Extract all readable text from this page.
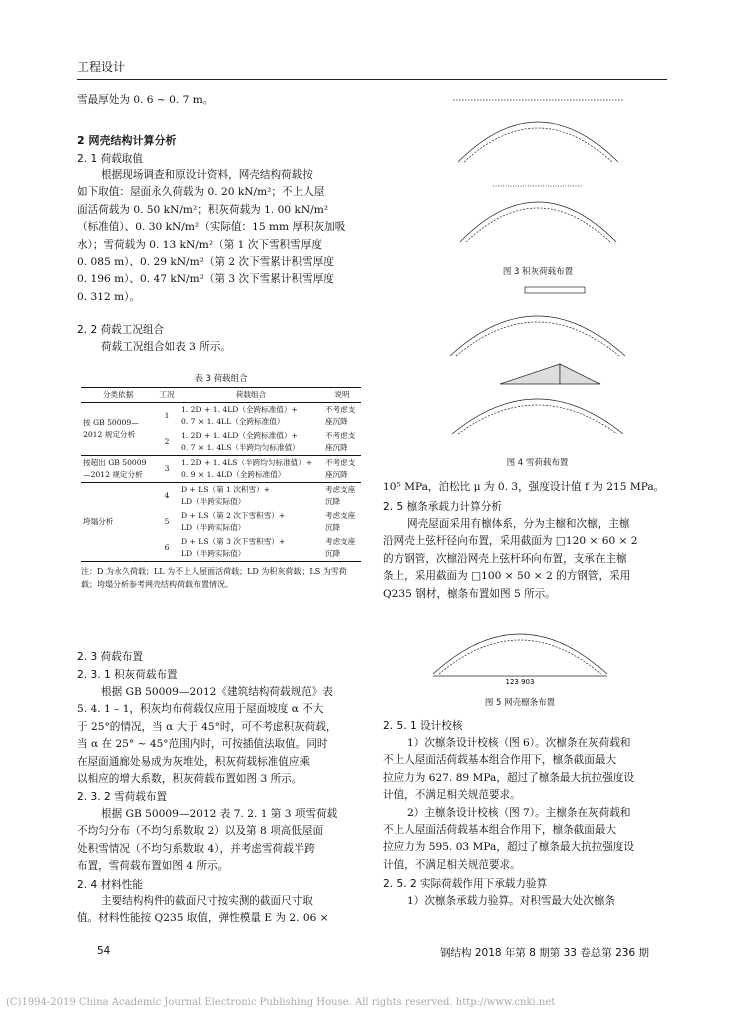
工程设计
雪最厚处为 0. 6 ~ 0. 7 m。
2 网壳结构计算分析
2. 1 荷载取值
根据现场调查和原设计资料，网壳结构荷载按
如下取值：屋面永久荷载为 0. 20 kN/m²；不上人屋
面活荷载为 0. 50 kN/m²；积灰荷载为 1. 00 kN/m²
（标准值）、0. 30 kN/m²（实际值：15 mm 厚积灰加吸
水）；雪荷载为 0. 13 kN/m²（第 1 次下雪积雪厚度
0. 085 m）、0. 29 kN/m²（第 2 次下雪累计积雪厚度
0. 196 m）、0. 47 kN/m²（第 3 次下雪累计积雪厚度
0. 312 m）。
2. 2 荷载工况组合
荷载工况组合如表 3 所示。
表 3 荷载组合
分类依据	工况	荷载组合	说明
按 GB 50009—2012 规定分析	1	1. 2D + 1. 4LD（全跨标准值）+
0. 7 × 1. 4LL（全跨标准值）	不考虑支座沉降
	2	1. 2D + 1. 4LD（全跨标准值）+
0. 7 × 1. 4LS（半跨均匀标准值）	不考虑支座沉降
按超出 GB 50009—2012 规定分析	3	1. 2D + 1. 4LS（半跨均匀标准值）+
0. 9 × 1. 4LD（全跨标准值）	不考虑支座沉降
垮塌分析	4	D + LS（第 1 次积雪）+
LD（半跨实际值）	考虑支座沉降
	5	D + LS（第 2 次下雪积雪）+
LD（半跨实际值）	考虑支座沉降
	6	D + LS（第 3 次下雪积雪）+
LD（半跨实际值）	考虑支座沉降
注：D 为永久荷载；LL 为不上人屋面活荷载；LD 为积灰荷载；LS 为雪荷载；垮塌分析参考网壳结构荷载布置情况。
2. 3 荷载布置
2. 3. 1 积灰荷载布置
根据 GB 50009—2012《建筑结构荷载规范》表
5. 4. 1 – 1，积灰均布荷载仅应用于屋面坡度 α 不大
于 25°的情况，当 α 大于 45°时，可不考虑积灰荷载，
当 α 在 25° ~ 45°范围内时，可按插值法取值。同时
在屋面通廊处易成为灰堆处，积灰荷载标准值应乘
以相应的增大系数，积灰荷载布置如图 3 所示。
2. 3. 2 雪荷载布置
根据 GB 50009—2012 表 7. 2. 1 第 3 项雪荷载
不均匀分布（不均匀系数取 2）以及第 8 项高低屋面
处积雪情况（不均匀系数取 4），并考虑雪荷载半跨
布置，雪荷载布置如图 4 所示。
2. 4 材料性能
主要结构构件的截面尺寸按实测的截面尺寸取
值。材料性能按 Q235 取值，弹性模量 E 为 2. 06 ×
图 3 积灰荷载布置
图 4 雪荷载布置
10⁵ MPa，泊松比 μ 为 0. 3，强度设计值 f 为 215 MPa。
2. 5 檩条承载力计算分析
网壳屋面采用有檩体系，分为主檩和次檩，主檩
沿网壳上弦杆径向布置，采用截面为 □120 × 60 × 2
的方钢管，次檩沿网壳上弦杆环向布置，支承在主檩
条上，采用截面为 □100 × 50 × 2 的方钢管，采用
Q235 钢材，檩条布置如图 5 所示。
123 903
图 5 网壳檩条布置
2. 5. 1 设计校核
1）次檩条设计校核（图 6）。次檩条在灰荷载和
不上人屋面活荷载基本组合作用下，檩条截面最大
拉应力为 627. 89 MPa，超过了檩条最大抗拉强度设
计值，不满足相关规范要求。
2）主檩条设计校核（图 7）。主檩条在灰荷载和
不上人屋面活荷载基本组合作用下，檩条截面最大
拉应力为 595. 03 MPa，超过了檩条最大抗拉强度设
计值，不满足相关规范要求。
2. 5. 2 实际荷载作用下承载力验算
1）次檩条承载力验算。对积雪最大处次檩条
54	钢结构 2018 年第 8 期第 33 卷总第 236 期
(C)1994-2019 China Academic Journal Electronic Publishing House. All rights reserved. http://www.cnki.net
